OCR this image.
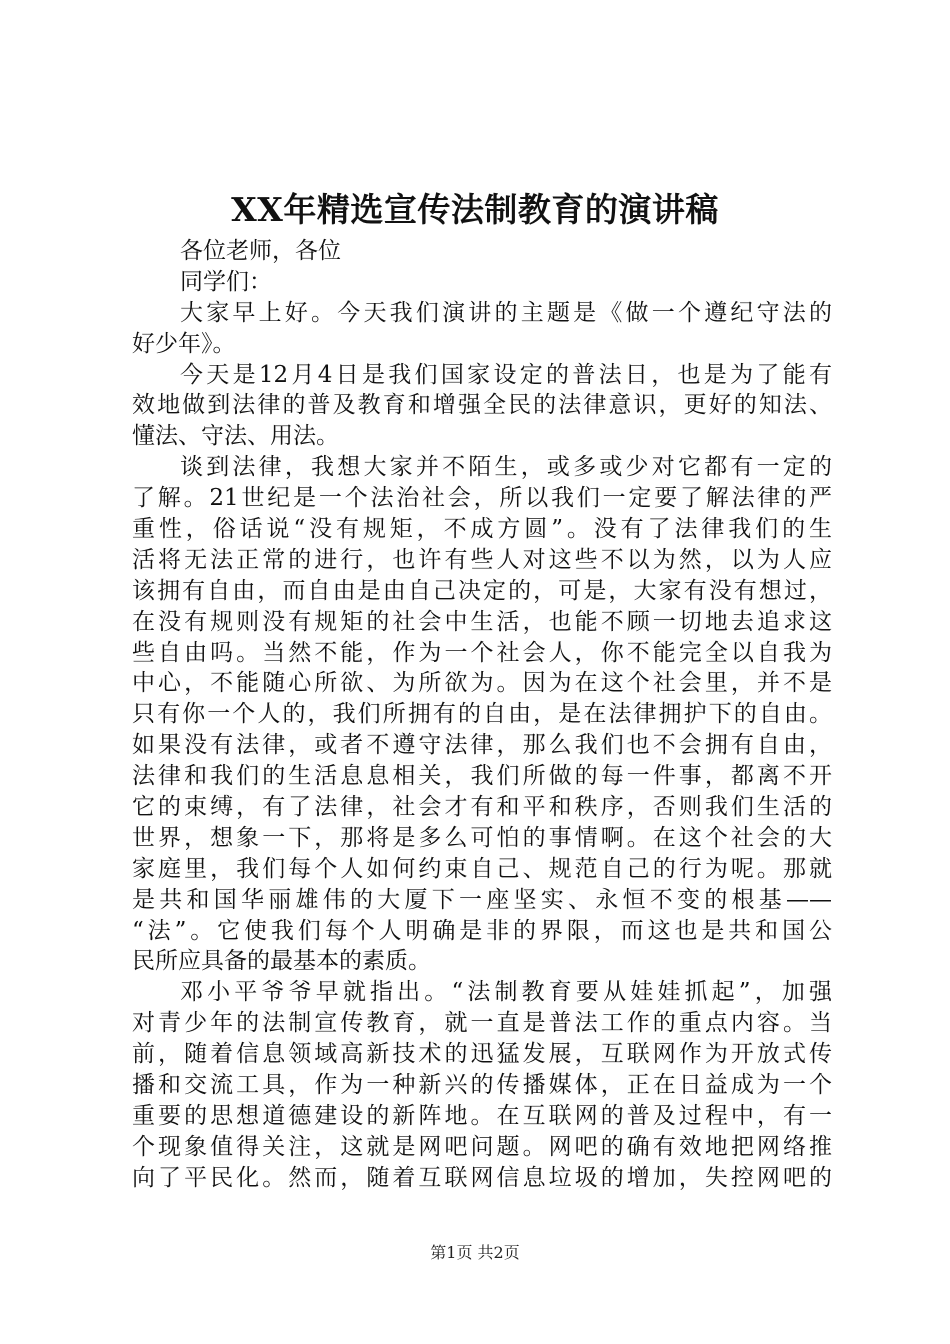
XX年精选宣传法制教育的演讲稿
各位老师，各位
同学们：
大家早上好。今天我们演讲的主题是《做一个遵纪守法的
好少年》。
今天是12月4日是我们国家设定的普法日，也是为了能有
效地做到法律的普及教育和增强全民的法律意识，更好的知法、
懂法、守法、用法。
谈到法律，我想大家并不陌生，或多或少对它都有一定的
了解。21世纪是一个法治社会，所以我们一定要了解法律的严
重性，俗话说“没有规矩，不成方圆”。没有了法律我们的生
活将无法正常的进行，也许有些人对这些不以为然，以为人应
该拥有自由，而自由是由自己决定的，可是，大家有没有想过，
在没有规则没有规矩的社会中生活，也能不顾一切地去追求这
些自由吗。当然不能，作为一个社会人，你不能完全以自我为
中心，不能随心所欲、为所欲为。因为在这个社会里，并不是
只有你一个人的，我们所拥有的自由，是在法律拥护下的自由。
如果没有法律，或者不遵守法律，那么我们也不会拥有自由，
法律和我们的生活息息相关，我们所做的每一件事，都离不开
它的束缚，有了法律，社会才有和平和秩序，否则我们生活的
世界，想象一下，那将是多么可怕的事情啊。在这个社会的大
家庭里，我们每个人如何约束自己、规范自己的行为呢。那就
是共和国华丽雄伟的大厦下一座坚实、永恒不变的根基——
“法”。它使我们每个人明确是非的界限，而这也是共和国公
民所应具备的最基本的素质。
邓小平爷爷早就指出。“法制教育要从娃娃抓起”，加强
对青少年的法制宣传教育，就一直是普法工作的重点内容。当
前，随着信息领域高新技术的迅猛发展，互联网作为开放式传
播和交流工具，作为一种新兴的传播媒体，正在日益成为一个
重要的思想道德建设的新阵地。在互联网的普及过程中，有一
个现象值得关注，这就是网吧问题。网吧的确有效地把网络推
向了平民化。然而，随着互联网信息垃圾的增加，失控网吧的
第1页 共2页
